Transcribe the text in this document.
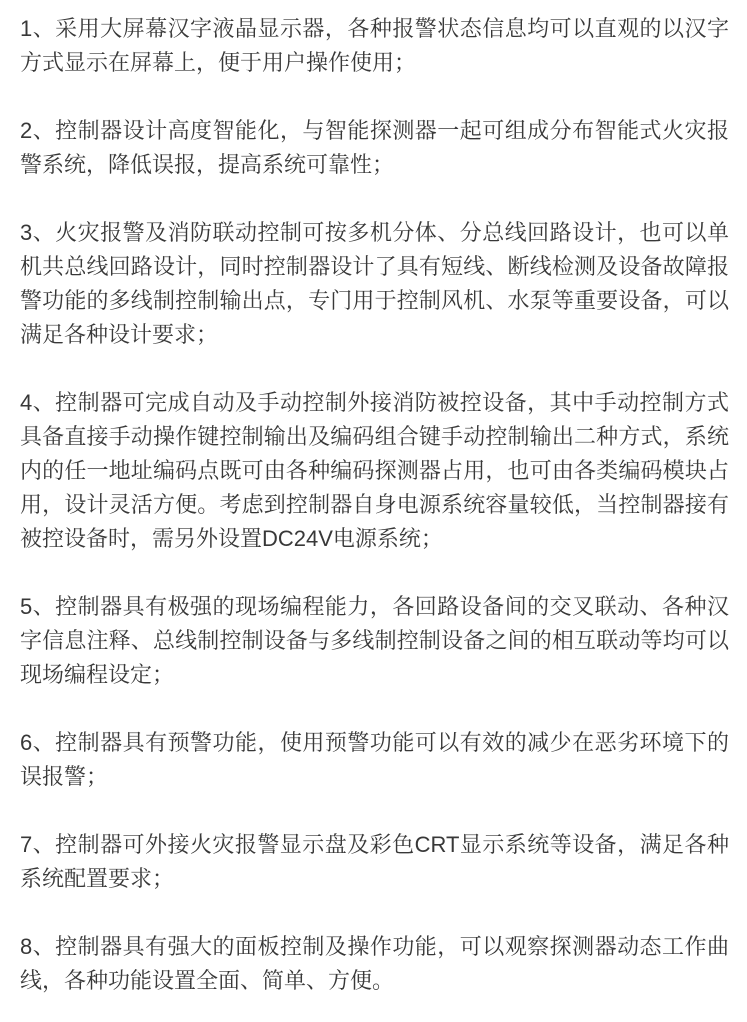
1、采用大屏幕汉字液晶显示器，各种报警状态信息均可以直观的以汉字方式显示在屏幕上，便于用户操作使用；

2、控制器设计高度智能化，与智能探测器一起可组成分布智能式火灾报警系统，降低误报，提高系统可靠性；

3、火灾报警及消防联动控制可按多机分体、分总线回路设计，也可以单机共总线回路设计，同时控制器设计了具有短线、断线检测及设备故障报警功能的多线制控制输出点，专门用于控制风机、水泵等重要设备，可以满足各种设计要求；

4、控制器可完成自动及手动控制外接消防被控设备，其中手动控制方式具备直接手动操作键控制输出及编码组合键手动控制输出二种方式，系统内的任一地址编码点既可由各种编码探测器占用，也可由各类编码模块占用，设计灵活方便。考虑到控制器自身电源系统容量较低，当控制器接有被控设备时，需另外设置DC24V电源系统；

5、控制器具有极强的现场编程能力，各回路设备间的交叉联动、各种汉字信息注释、总线制控制设备与多线制控制设备之间的相互联动等均可以现场编程设定；

6、控制器具有预警功能，使用预警功能可以有效的减少在恶劣环境下的误报警；

7、控制器可外接火灾报警显示盘及彩色CRT显示系统等设备，满足各种系统配置要求；

8、控制器具有强大的面板控制及操作功能，可以观察探测器动态工作曲线，各种功能设置全面、简单、方便。
